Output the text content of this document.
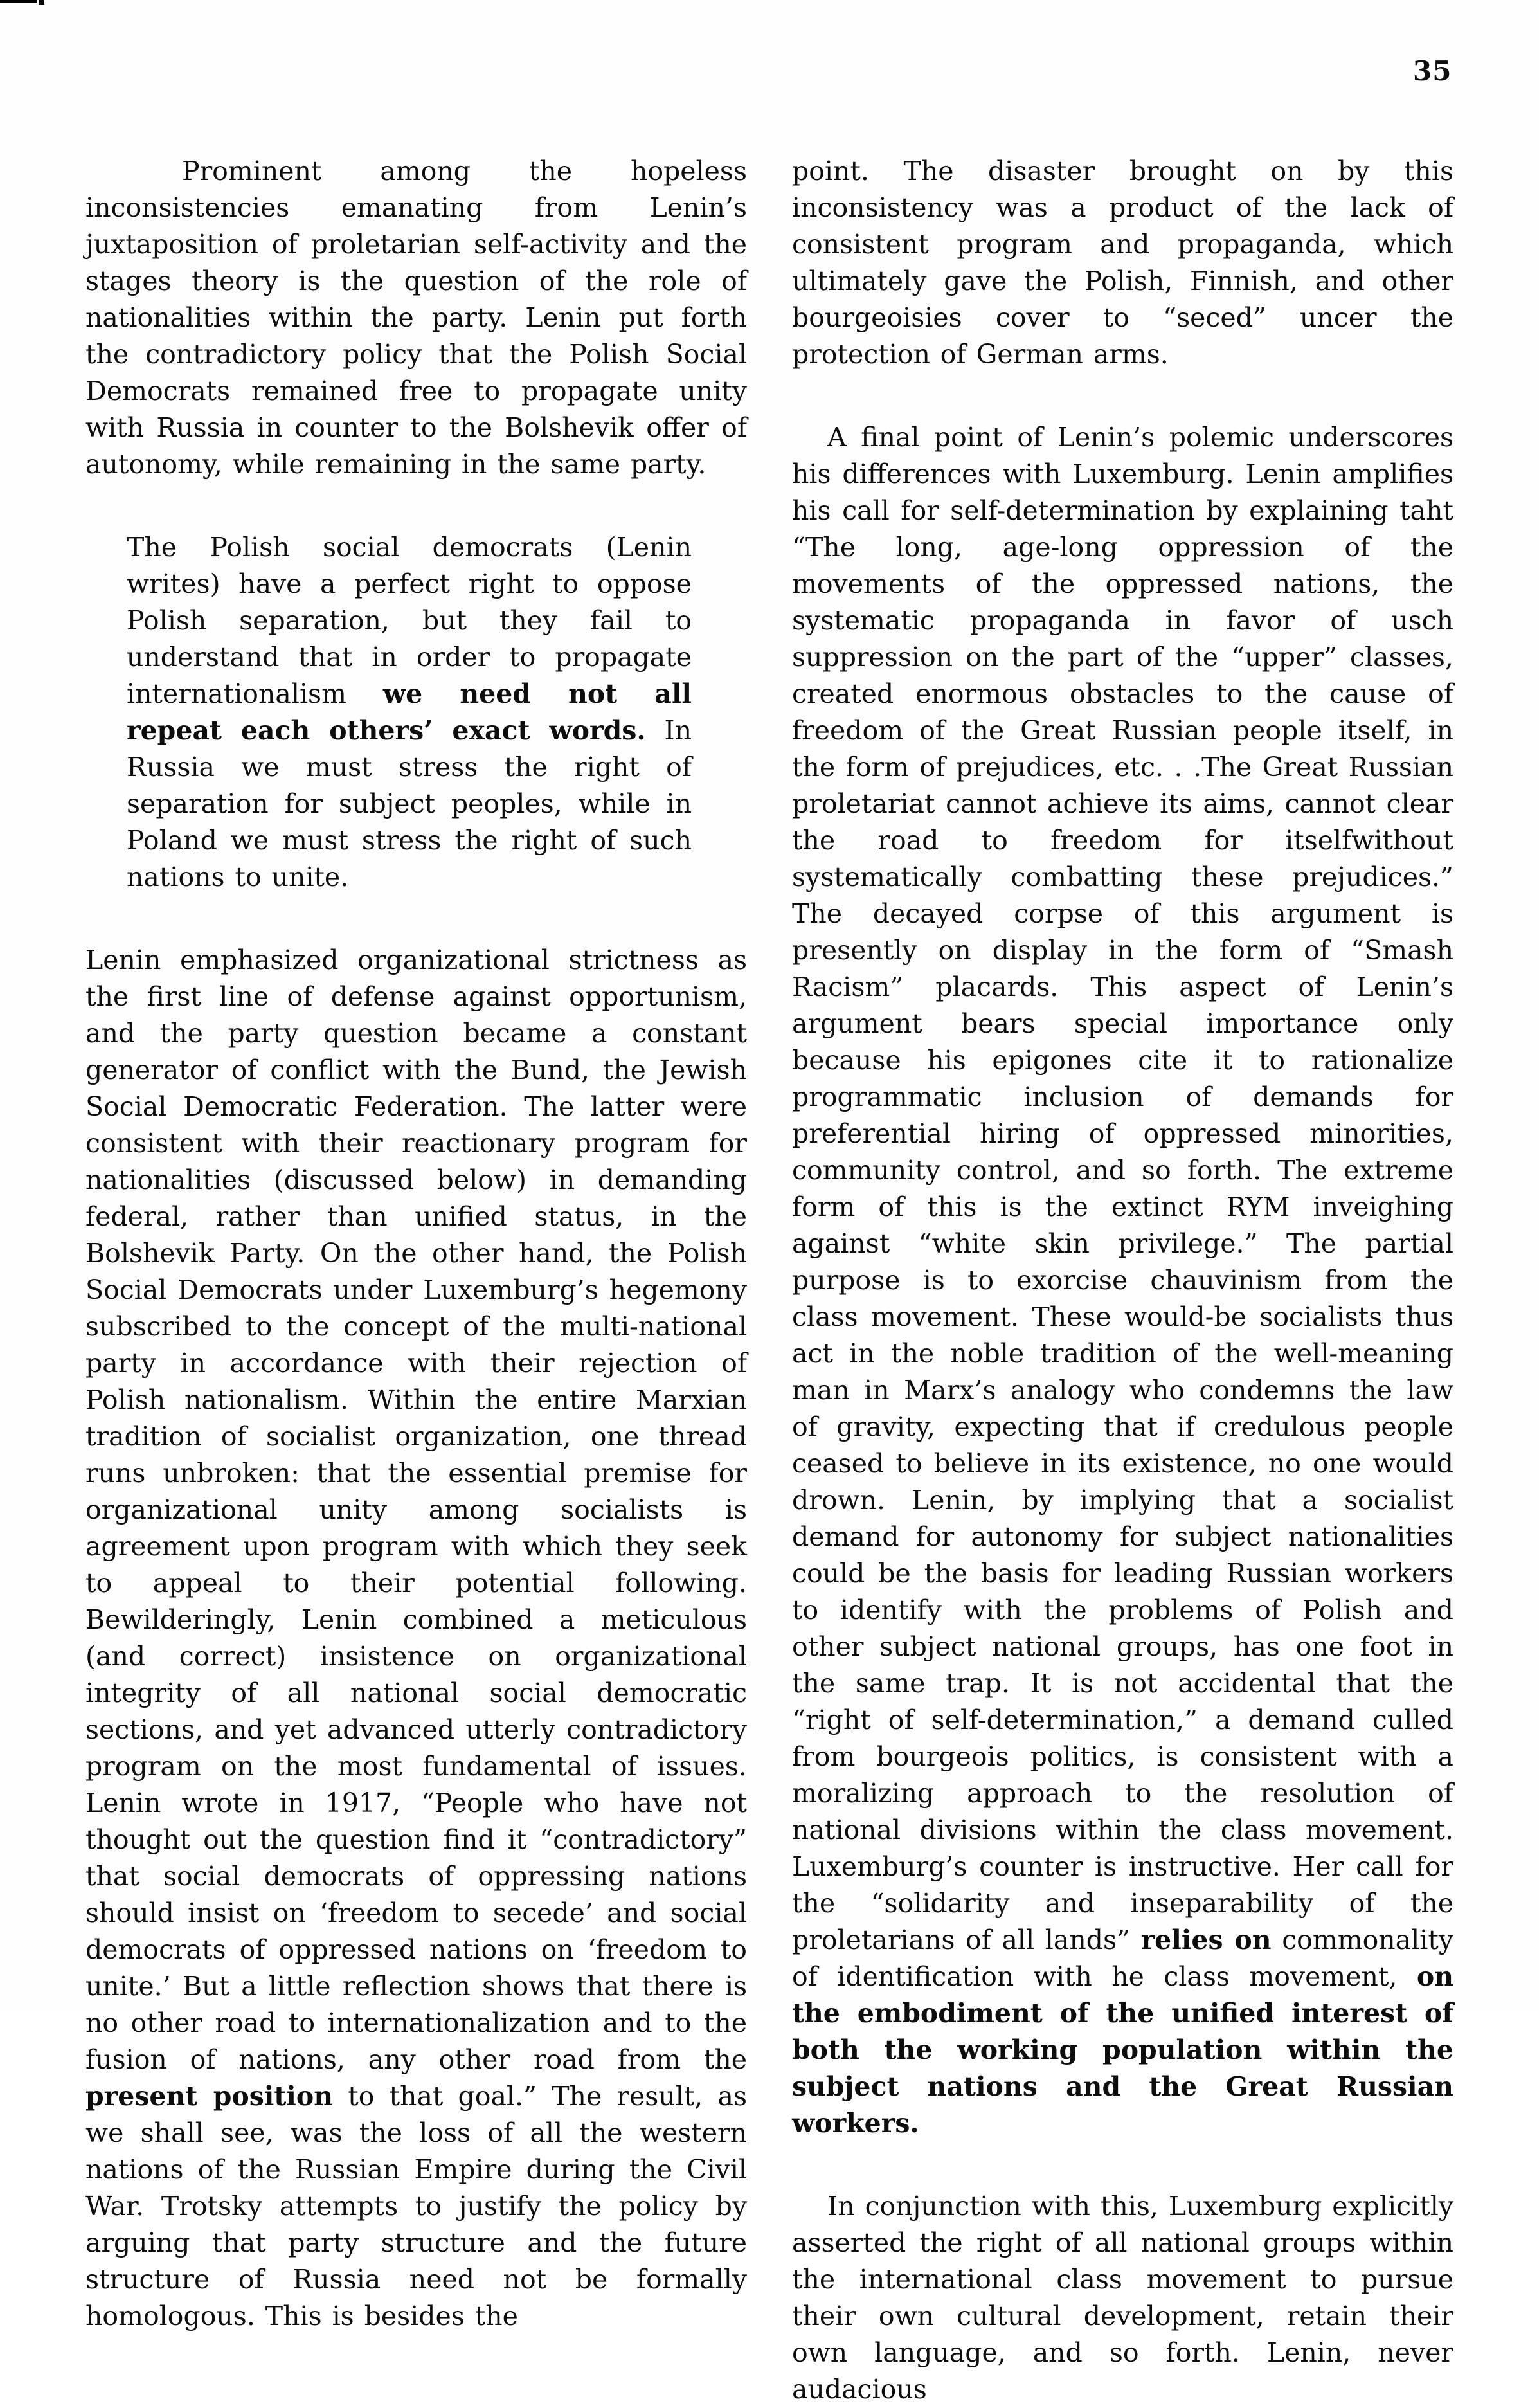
35

Prominent among the hopeless inconsistencies emanating from Lenin’s juxtaposition of proletarian self-activity and the stages theory is the question of the role of nationalities within the party. Lenin put forth the contradictory policy that the Polish Social Democrats remained free to propagate unity with Russia in counter to the Bolshevik offer of autonomy, while remaining in the same party.

The Polish social democrats (Lenin writes) have a perfect right to oppose Polish separation, but they fail to understand that in order to propagate internationalism we need not all repeat each others’ exact words. In Russia we must stress the right of separation for subject peoples, while in Poland we must stress the right of such nations to unite.

Lenin emphasized organizational strictness as the first line of defense against opportunism, and the party question became a constant generator of conflict with the Bund, the Jewish Social Democratic Federation. The latter were consistent with their reactionary program for nationalities (discussed below) in demanding federal, rather than unified status, in the Bolshevik Party. On the other hand, the Polish Social Democrats under Luxemburg’s hegemony subscribed to the concept of the multi-national party in accordance with their rejection of Polish nationalism. Within the entire Marxian tradition of socialist organization, one thread runs unbroken: that the essential premise for organizational unity among socialists is agreement upon program with which they seek to appeal to their potential following. Bewilderingly, Lenin combined a meticulous (and correct) insistence on organizational integrity of all national social democratic sections, and yet advanced utterly contradictory program on the most fundamental of issues. Lenin wrote in 1917, “People who have not thought out the question find it “contradictory” that social democrats of oppressing nations should insist on ‘freedom to secede’ and social democrats of oppressed nations on ‘freedom to unite.’ But a little reflection shows that there is no other road to internationalization and to the fusion of nations, any other road from the present position to that goal.” The result, as we shall see, was the loss of all the western nations of the Russian Empire during the Civil War. Trotsky attempts to justify the policy by arguing that party structure and the future structure of Russia need not be formally homologous. This is besides the

point. The disaster brought on by this inconsistency was a product of the lack of consistent program and propaganda, which ultimately gave the Polish, Finnish, and other bourgeoisies cover to “seced” uncer the protection of German arms.

A final point of Lenin’s polemic underscores his differences with Luxemburg. Lenin amplifies his call for self-determination by explaining taht “The long, age-long oppression of the movements of the oppressed nations, the systematic propaganda in favor of usch suppression on the part of the “upper” classes, created enormous obstacles to the cause of freedom of the Great Russian people itself, in the form of prejudices, etc. . .The Great Russian proletariat cannot achieve its aims, cannot clear the road to freedom for itselfwithout systematically combatting these prejudices.” The decayed corpse of this argument is presently on display in the form of “Smash Racism” placards. This aspect of Lenin’s argument bears special importance only because his epigones cite it to rationalize programmatic inclusion of demands for preferential hiring of oppressed minorities, community control, and so forth. The extreme form of this is the extinct RYM inveighing against “white skin privilege.” The partial purpose is to exorcise chauvinism from the class movement. These would-be socialists thus act in the noble tradition of the well-meaning man in Marx’s analogy who condemns the law of gravity, expecting that if credulous people ceased to believe in its existence, no one would drown. Lenin, by implying that a socialist demand for autonomy for subject nationalities could be the basis for leading Russian workers to identify with the problems of Polish and other subject national groups, has one foot in the same trap. It is not accidental that the “right of self-determination,” a demand culled from bourgeois politics, is consistent with a moralizing approach to the resolution of national divisions within the class movement. Luxemburg’s counter is instructive. Her call for the “solidarity and inseparability of the proletarians of all lands” relies on commonality of identification with he class movement, on the embodiment of the unified interest of both the working population within the subject nations and the Great Russian workers.

In conjunction with this, Luxemburg explicitly asserted the right of all national groups within the international class movement to pursue their own cultural development, retain their own language, and so forth. Lenin, never audacious
